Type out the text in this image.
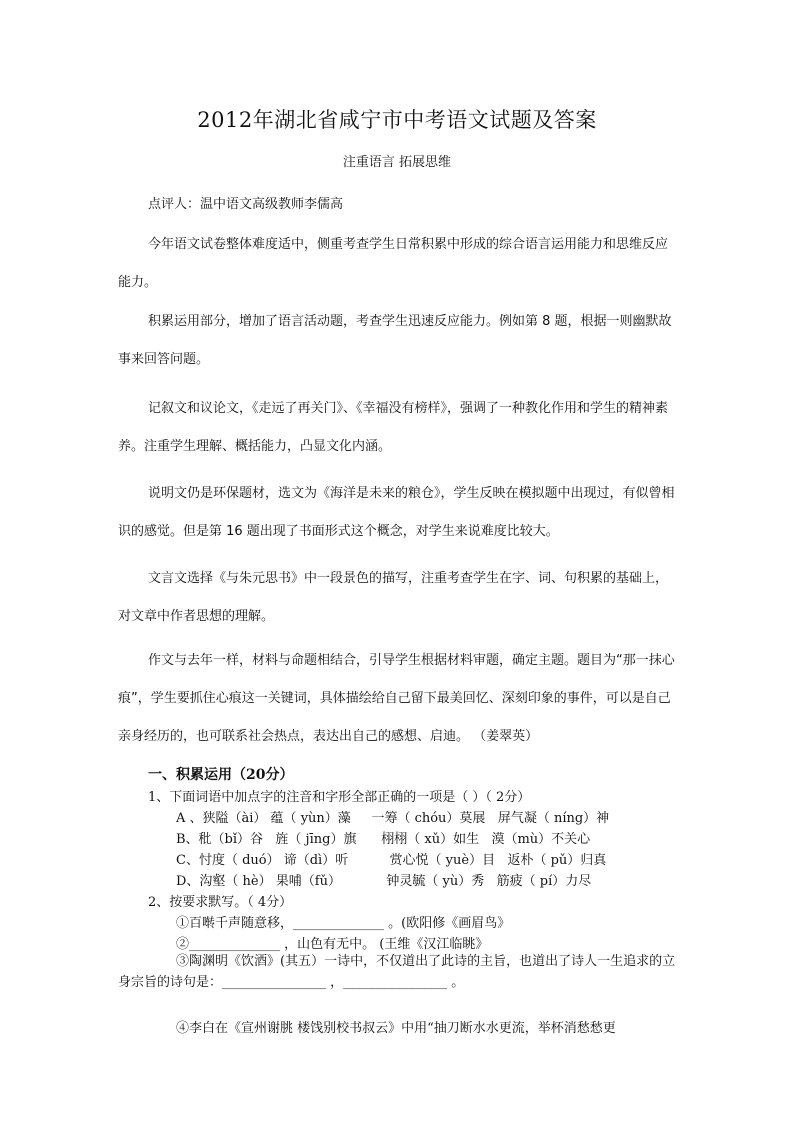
2012年湖北省咸宁市中考语文试题及答案
注重语言 拓展思维
点评人：温中语文高级教师李儒高

今年语文试卷整体难度适中，侧重考查学生日常积累中形成的综合语言运用能力和思维反应能力。

积累运用部分，增加了语言活动题，考查学生迅速反应能力。例如第 8 题，根据一则幽默故事来回答问题。

记叙文和议论文，《走远了再关门》、《幸福没有榜样》，强调了一种教化作用和学生的精神素养。注重学生理解、概括能力，凸显文化内涵。

说明文仍是环保题材，选文为《海洋是未来的粮仓》，学生反映在模拟题中出现过，有似曾相识的感觉。但是第 16 题出现了书面形式这个概念，对学生来说难度比较大。

文言文选择《与朱元思书》中一段景色的描写，注重考查学生在字、词、句积累的基础上，对文章中作者思想的理解。

作文与去年一样，材料与命题相结合，引导学生根据材料审题，确定主题。题目为“那一抹心痕”，学生要抓住心痕这一关键词，具体描绘给自己留下最美回忆、深刻印象的事件，可以是自己亲身经历的，也可联系社会热点，表达出自己的感想、启迪。 （姜翠英）

一、积累运用（20分）
1、下面词语中加点字的注音和字形全部正确的一项是（ ）（ 2分）
A 、狭隘（ài） 蕴（ yùn）藻     一筹（ chóu）莫展   屏气凝（ níng）神
B、秕（bǐ）谷   旌（ jīng）旗      栩栩（ xǔ）如生   漠（mù）不关心
C、忖度（ duó） 谛（dì）听          赏心悦（ yuè）目   返朴（ pǔ）归真
D、沟壑（ hè） 果哺（fǔ）           钟灵毓（ yù）秀   筋疲（ pí）力尽
2、按要求默写。（ 4分）
①百啭千声随意移，______________ 。(欧阳修《画眉鸟》
②______________ ，山色有无中。 (王维《汉江临眺》

③陶渊明《饮酒》(其五）一诗中，不仅道出了此诗的主旨，也道出了诗人一生追求的立身宗旨的诗句是：________________ ，________________ 。

④李白在《宣州谢朓 楼饯别校书叔云》中用“抽刀断水水更流，举杯消愁愁更
